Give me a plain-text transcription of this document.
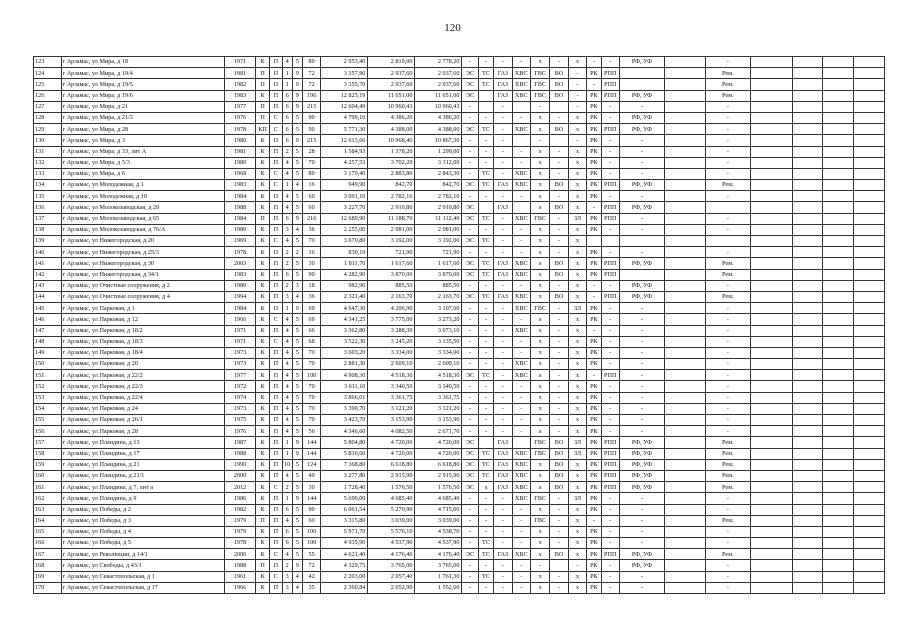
120
123	г Арзамас, ул Мира, д 18	1971	К	П	4	5	80	2 953,40	2 819,00	2 778,20	-	-	-	-	х	-	х	-	-	РФ, УФ		-				
124	г Арзамас, ул Мира, д 19/4	1981	П	П	1	9	72	3 357,90	2 937,60	2 937,60	ЭС	ТС	ГАЗ	ХВС	ГВС	ВО	-	РК	РПП			Рем.				
125	г Арзамас, ул Мира, д 19/5	1982	П	П	1	9	72	3 355,70	2 937,60	2 937,60	ЭС	ТС	ГАЗ	ХВС	ГВС	ВО	-	-	РПП			Рем.				
126	г Арзамас, ул Мира, д 19/6	1983	К	П	6	9	196	12 825,19	11 651,00	11 651,00	ЭС		ГАЗ	ХВС	ГВС	ВО	-	РК	РПП	РФ, УФ		Рем.				
127	г Арзамас, ул Мира, д 21	1977	П	П	6	9	215	12 604,49	10 960,43	10 960,43	-		-		-		-	РК	-	-		-				
128	г Арзамас, ул Мира, д 21/3	1976	П	С	6	5	90	4 799,10	4 386,20	4 386,20	-	-	-	-	х	-	х	РК	-	РФ, УФ		-				
129	г Арзамас, ул Мира, д 28	1978	КП	С	6	5	90	5 771,30	4 388,00	4 388,00	ЭС	ТС	-	ХВС	х	ВО	х	РК	РПП	РФ, УФ		-				
130	г Арзамас, ул Мира, д 3	1980	К	П	6	9	215	12 613,66	10 968,40	10 867,30	-	-	-		-		-	РК	-	-		-				
131	г Арзамас, ул Мира, д 33, лит А	1981	К	П	2	5	28	1 584,93	1 378,20	1 299,00	-	-	-	-	х	-	х	РК	-	-		-				
132	г Арзамас, ул Мира, д 5/3	1980	К	П	4	5	70	4 257,53	3 702,20	3 312,00	-	-	-	-	х	-	х	РК	-	-		-				
133	г Арзамас, ул Мира, д 6	1968	К	С	4	5	80	3 179,40	2 883,80	2 843,30	-	ТС	-	ХВС	х	-	х	РК	-	-		-				
134	г Арзамас, ул Молодежная, д 1	1983	К	С	1	4	16	949,90	842,70	842,70	ЭС	ТС	ГАЗ	ХВС	х	ВО	х	РК	РПП	РФ, УФ		Рем.				
135	г Арзамас, ул Молодежная, д 19	1984	К	П	4	5	60	3 091,10	2 782,10	2 782,10	-	-	-	-	х	-	х	РК	-	-		-				
136	г Арзамас, ул Молокозаводская, д 29	1988	К	П	4	5	60	3 227,70	2 910,80	2 910,80	ЭС		ГАЗ		х	ВО	х	-	РПП	РФ, УФ						
137	г Арзамас, ул Молокозаводская, д 65	1984	П	П	6	9	216	12 689,90	11 188,70	11 112,40	ЭС	ТС	-	ХВС	ГВС	-	ЗЛ	РК	РПП	-		-				
138	г Арзамас, ул Молокозаводская, д 76/А	1980	К	П	3	4	36	2 255,00	2 081,00	2 081,00	-	-	-	-	х	-	х	РК	-	-		-				
139	г Арзамас, ул Нижегородская, д 20	1969	К	С	4	5	70	3 670,80	3 192,00	3 192,00	ЭС	ТС	-	-	х	-	х									
140	г Арзамас, ул Нижегородская, д 25/3	1978	К	П	2	2	16	830,19	721,90	721,90	-	-	-	-	х	-	х	РК	-	-		-				
141	г Арзамас, ул Нижегородская, д 30	2003	К	П	2	5	30	1 811,70	1 617,60	1 617,60	ЭС	ТС	ГАЗ	ХВС	х	ВО	х	РК	РПП	РФ, УФ		Рем.				
142	г Арзамас, ул Нижегородская, д 34/1	1983	К	П	6	5	90	4 282,90	3 870,00	3 870,00	ЭС	ТС	ГАЗ	ХВС	х	ВО	х	РК	РПП			Рем.				
143	г Арзамас, ул Очистные сооружения, д 2	1980	К	П	2	3	18	982,90	885,50	885,50	-	-	-	-	х	-	х	-	-	РФ, УФ		-				
144	г Арзамас, ул Очистные сооружения, д 4	1994	К	П	3	4	36	2 321,40	2 163,70	2 163,70	ЭС	ТС	ГАЗ	ХВС	х	ВО	х	-	РПП	РФ, УФ		Рем.				
145	г Арзамас, ул Парковая, д 1	1984	К	П	1	9	69	4 647,30	4 206,90	3 107,60	-	-	-	ХВС	ГВС	-	ЗЛ	РК	-	-		-				
146	г Арзамас, ул Парковая, д 12	1966	К	С	4	5	69	4 341,25	3 775,00	3 273,20	-	-	-	-	х	-	х	РК	-	-		-				
147	г Арзамас, ул Парковая, д 18/2	1971	К	П	4	5	66	3 362,80	3 288,30	3 073,10	-	-	-	ХВС	х	-	х	-	-	-		-				
148	г Арзамас, ул Парковая, д 18/3	1971	К	С	4	5	68	3 522,30	3 245,20	3 135,50	-	-	-	-	х	-	х	РК	-	-		-				
149	г Арзамас, ул Парковая, д 18/4	1973	К	П	4	5	70	3 603,20	3 334,00	3 334,00	-	-	-	-	х	-	х	РК	-	-		-				
150	г Арзамас, ул Парковая, д 20	1973	К	П	4	5	70	2 881,30	2 609,10	2 609,10	-	-	-	ХВС	х	-	х	РК	-	-		-				
151	г Арзамас, ул Парковая, д 22/2	1977	К	П	4	5	100	4 908,30	4 518,30	4 518,30	ЭС	ТС	-	ХВС	х	-	х	-	РПП	-		-				
152	г Арзамас, ул Парковая, д 22/3	1972	К	П	4	5	70	3 611,10	3 340,50	3 340,50	-	-	-	-	х	-	х	РК	-	-		-				
153	г Арзамас, ул Парковая, д 22/4	1974	К	П	4	5	70	3 866,01	3 361,75	3 361,75	-	-	-	-	х	-	х	РК	-	-		-				
154	г Арзамас, ул Парковая, д 24	1973	К	П	4	5	70	3 390,70	3 121,20	3 121,20	-	-	-	-	х	-	х	РК	-	-		-				
155	г Арзамас, ул Парковая, д 26/1	1975	К	П	4	5	70	3 423,70	3 153,90	3 153,90	-	-	-	-	х	-	х	РК	-	-		-				
156	г Арзамас, ул Парковая, д 28	1976	К	П	4	5	56	4 346,60	4 082,50	2 671,70	-	-	-	-	х	-	х	РК	-	-		-				
157	г Арзамас, ул Пландина, д 13	1987	К	П	1	9	144	5 804,80	4 720,00	4 720,00	ЭС		ГАЗ		ГВС	ВО	ЗЛ	РК	РПП	РФ, УФ		Рем.				
158	г Арзамас, ул Пландина, д 17	1988	К	П	1	9	144	5 830,60	4 720,00	4 720,00	ЭС	ТС	ГАЗ	ХВС	ГВС	ВО	ЗЛ	РК	РПП	РФ, УФ		Рем.				
159	г Арзамас, ул Пландина, д 21	1990	К	П	10	5	124	7 368,80	6 618,80	6 618,80	ЭС	ТС	ГАЗ	ХВС	х	ВО	х	РК	РПП	РФ, УФ		Рем.				
160	г Арзамас, ул Пландина, д 21/1	2000	К	П	4	5	49	3 277,80	2 915,90	2 915,90	ЭС	ТС	ГАЗ	ХВС	х	ВО	х	РК	РПП	РФ, УФ		Рем.				
161	г Арзамас, ул Пландина, д 7, лит а	2012	К	С	2	5	30	1 728,40	1 576,50	1 576,50	ЭС	х	ГАЗ	ХВС	х	ВО	х	РК	РПП	РФ, УФ		Рем.				
162	г Арзамас, ул Пландина, д 9	1986	К	П	1	9	144	5 699,00	4 685,40	4 685,40	-	-	-	ХВС	ГВС	-	ЗЛ	РК	-	-		-				
163	г Арзамас, ул Победы, д 2	1982	К	П	6	5	90	6 061,54	5 270,90	4 715,00	-	-	-	-	х	-	х	РК	-	-		-				
164	г Арзамас, ул Победы, д 3	1979	П	П	4	5	60	3 315,80	3 039,00	3 039,00	-	-	-	-	ГВС	-	х	-	-	-		Рем.				
165	г Арзамас, ул Победы, д 4	1979	К	П	6	5	100	5 971,70	5 576,10	4 538,70	-	-	-	-	х	-	х	РК	-	-		-				
166	г Арзамас, ул Победы, д 5	1978	К	П	6	5	100	4 935,90	4 537,90	4 537,90	-	ТС	-	-	х	-	х	РК	-	-		-				
167	г Арзамас, ул Революции, д 14/1	2000	К	С	4	5	55	4 621,40	4 176,40	4 176,40	ЭС	ТС	ГАЗ	ХВС	х	ВО	х	РК	РПП	РФ, УФ		Рем.				
168	г Арзамас, ул Свободы, д 43/1	1988	П	П	2	9	72	4 329,75	3 765,00	3 765,00	-	-	-	-	-		-	РК	-	РФ, УФ		-				
169	г Арзамас, ул Севастопольская, д 1	1961	К	С	3	4	42	2 203,00	2 057,40	1 761,30	-	ТС	-	-	х	-	х	РК	-	-		-				
170	г Арзамас, ул Севастопольская, д 17	1966	К	П	3	4	35	2 360,84	2 052,90	1 552,60	-	-	-	-	х	-	х	РК	-	-		-				
